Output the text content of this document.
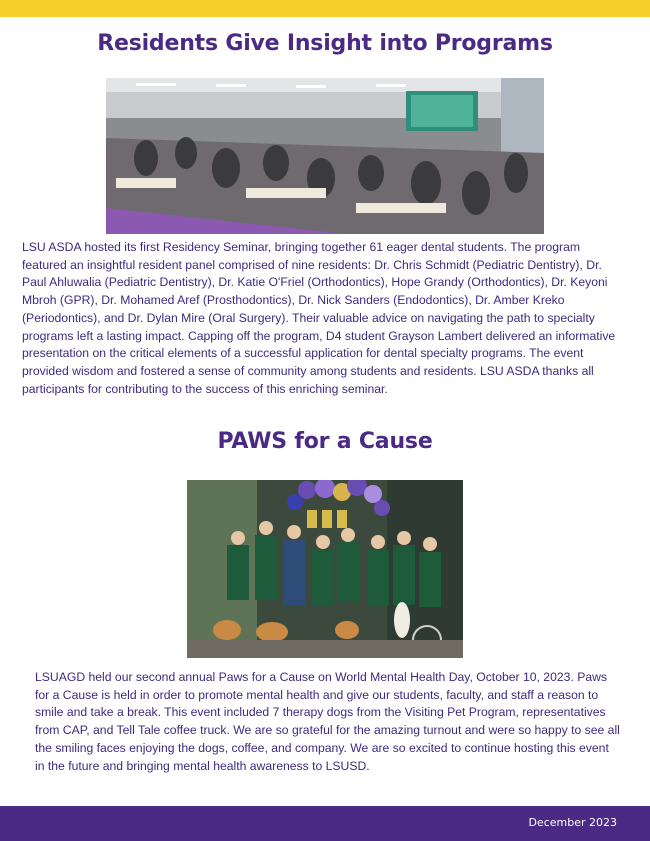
Residents Give Insight into Programs

LSU ASDA hosted its first Residency Seminar, bringing together 61 eager dental students. The program featured an insightful resident panel comprised of nine residents: Dr. Chris Schmidt (Pediatric Dentistry), Dr. Paul Ahluwalia (Pediatric Dentistry), Dr. Katie O'Friel (Orthodontics), Hope Grandy (Orthodontics), Dr. Keyoni Mbroh (GPR), Dr. Mohamed Aref (Prosthodontics), Dr. Nick Sanders (Endodontics), Dr. Amber Kreko (Periodontics), and Dr. Dylan Mire (Oral Surgery). Their valuable advice on navigating the path to specialty programs left a lasting impact. Capping off the program, D4 student Grayson Lambert delivered an informative presentation on the critical elements of a successful application for dental specialty programs. The event provided wisdom and fostered a sense of community among students and residents. LSU ASDA thanks all participants for contributing to the success of this enriching seminar.

PAWS for a Cause

LSUAGD held our second annual Paws for a Cause on World Mental Health Day, October 10, 2023. Paws for a Cause is held in order to promote mental health and give our students, faculty, and staff a reason to smile and take a break. This event included 7 therapy dogs from the Visiting Pet Program, representatives from CAP, and Tell Tale coffee truck. We are so grateful for the amazing turnout and were so happy to see all the smiling faces enjoying the dogs, coffee, and company. We are so excited to continue hosting this event in the future and bringing mental health awareness to LSUSD.

December 2023
